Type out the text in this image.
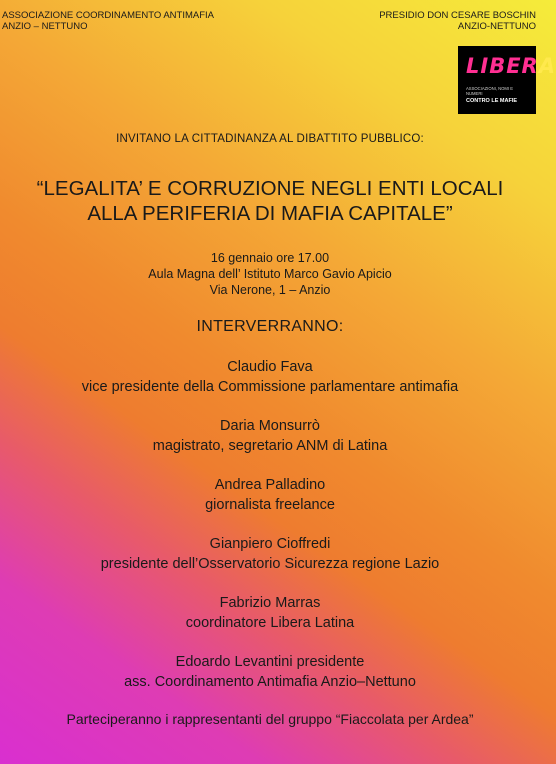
ASSOCIAZIONE COORDINAMENTO ANTIMAFIA
ANZIO – NETTUNO
PRESIDIO DON CESARE BOSCHIN
ANZIO-NETTUNO
LIBERA
ASSOCIAZIONI, NOMI E NUMERI
CONTRO LE MAFIE
INVITANO LA CITTADINANZA AL DIBATTITO PUBBLICO:
“LEGALITA’ E CORRUZIONE NEGLI ENTI LOCALI
ALLA PERIFERIA DI MAFIA CAPITALE”
16 gennaio ore 17.00
Aula Magna dell’ Istituto Marco Gavio Apicio
Via Nerone, 1 – Anzio
INTERVERRANNO:
Claudio Fava
vice presidente della Commissione parlamentare antimafia
Daria Monsurrò
magistrato, segretario ANM di Latina
Andrea Palladino
giornalista freelance
Gianpiero Cioffredi
presidente dell’Osservatorio Sicurezza regione Lazio
Fabrizio Marras
coordinatore Libera Latina
Edoardo Levantini presidente
ass. Coordinamento Antimafia Anzio–Nettuno
Parteciperanno i rappresentanti del gruppo “Fiaccolata per Ardea”
